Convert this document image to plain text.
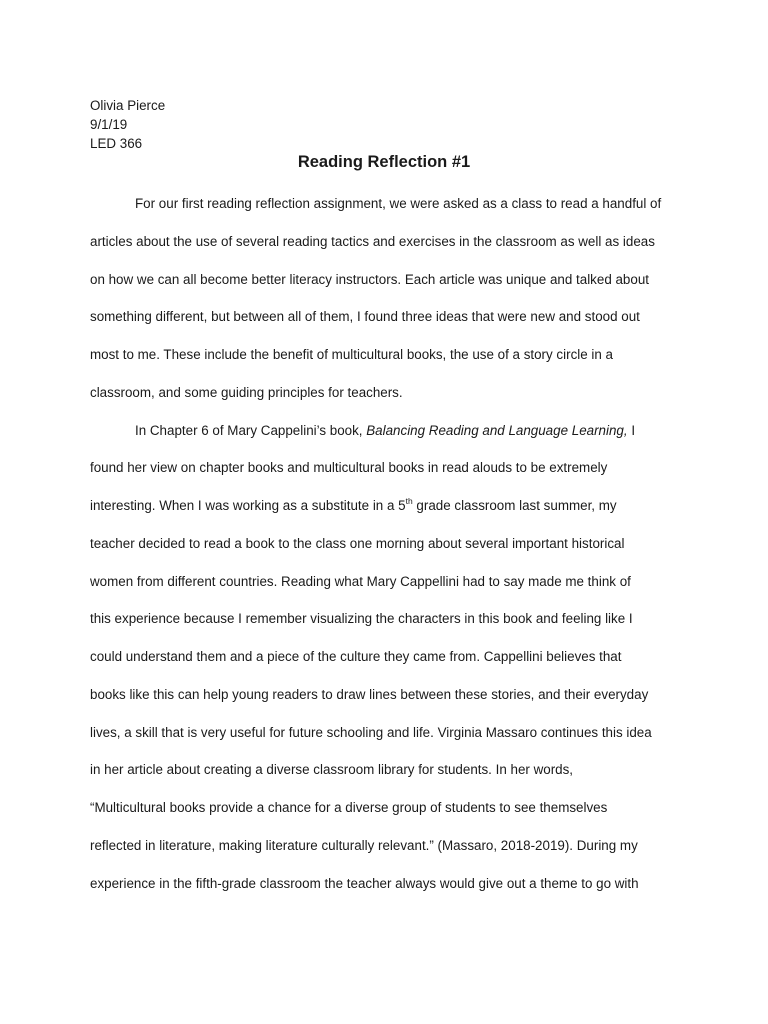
Olivia Pierce
9/1/19
LED 366
Reading Reflection #1
For our first reading reflection assignment, we were asked as a class to read a handful of
articles about the use of several reading tactics and exercises in the classroom as well as ideas
on how we can all become better literacy instructors. Each article was unique and talked about
something different, but between all of them, I found three ideas that were new and stood out
most to me. These include the benefit of multicultural books, the use of a story circle in a
classroom, and some guiding principles for teachers.
In Chapter 6 of Mary Cappelini’s book, Balancing Reading and Language Learning, I
found her view on chapter books and multicultural books in read alouds to be extremely
interesting. When I was working as a substitute in a 5th grade classroom last summer, my
teacher decided to read a book to the class one morning about several important historical
women from different countries. Reading what Mary Cappellini had to say made me think of
this experience because I remember visualizing the characters in this book and feeling like I
could understand them and a piece of the culture they came from. Cappellini believes that
books like this can help young readers to draw lines between these stories, and their everyday
lives, a skill that is very useful for future schooling and life. Virginia Massaro continues this idea
in her article about creating a diverse classroom library for students. In her words,
“Multicultural books provide a chance for a diverse group of students to see themselves
reflected in literature, making literature culturally relevant.” (Massaro, 2018-2019). During my
experience in the fifth-grade classroom the teacher always would give out a theme to go with
